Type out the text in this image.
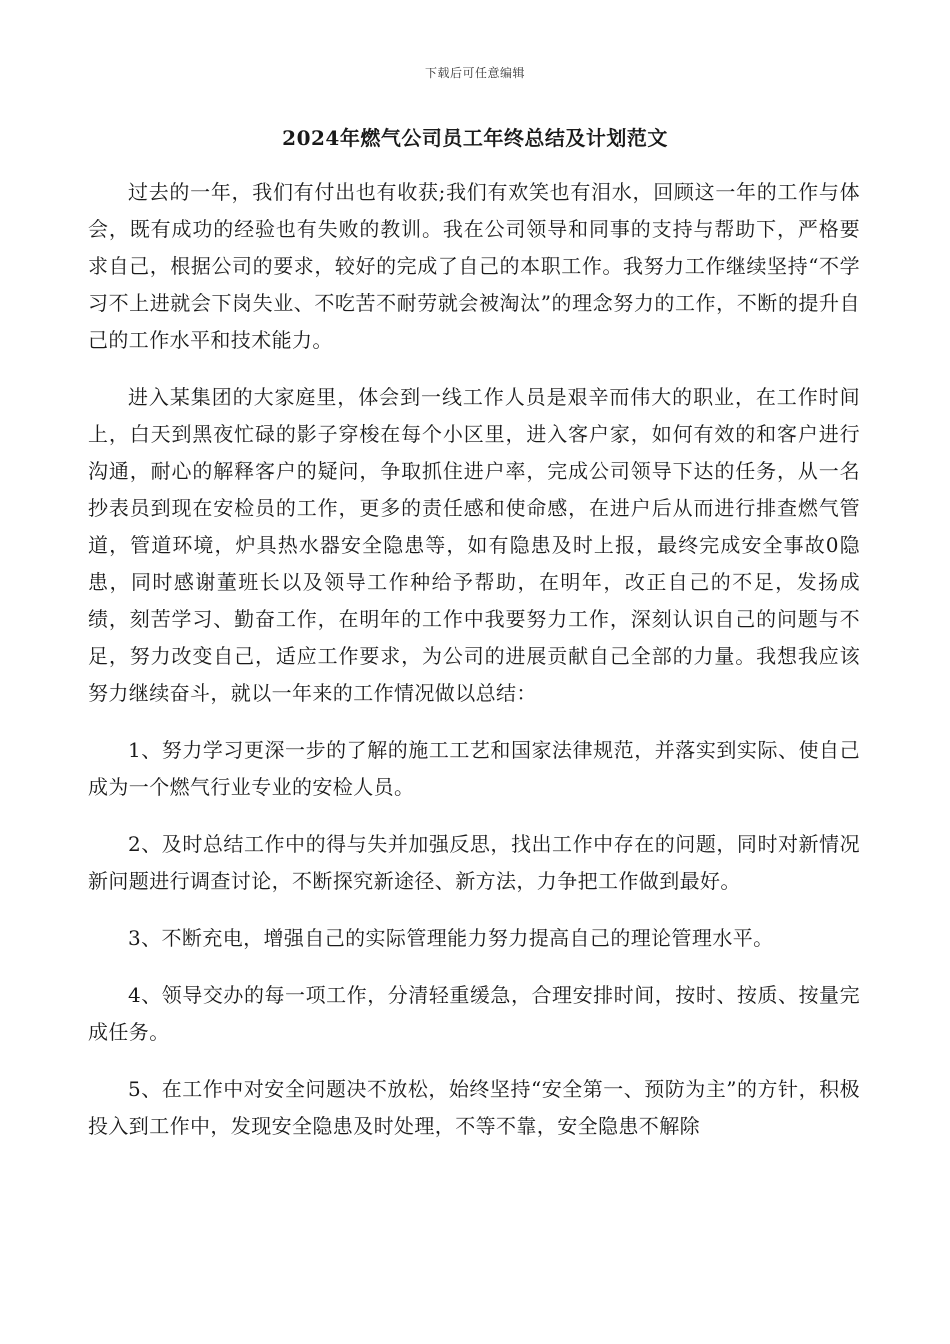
下载后可任意编辑
2024年燃气公司员工年终总结及计划范文

过去的一年，我们有付出也有收获;我们有欢笑也有泪水，回顾这一年的工作与体会，既有成功的经验也有失败的教训。我在公司领导和同事的支持与帮助下，严格要求自己，根据公司的要求，较好的完成了自己的本职工作。我努力工作继续坚持“不学习不上进就会下岗失业、不吃苦不耐劳就会被淘汰”的理念努力的工作，不断的提升自己的工作水平和技术能力。

进入某集团的大家庭里，体会到一线工作人员是艰辛而伟大的职业，在工作时间上，白天到黑夜忙碌的影子穿梭在每个小区里，进入客户家，如何有效的和客户进行沟通，耐心的解释客户的疑问，争取抓住进户率，完成公司领导下达的任务，从一名抄表员到现在安检员的工作，更多的责任感和使命感，在进户后从而进行排查燃气管道，管道环境，炉具热水器安全隐患等，如有隐患及时上报，最终完成安全事故0隐患，同时感谢董班长以及领导工作种给予帮助，在明年，改正自己的不足，发扬成绩，刻苦学习、勤奋工作，在明年的工作中我要努力工作，深刻认识自己的问题与不足，努力改变自己，适应工作要求，为公司的进展贡献自己全部的力量。我想我应该努力继续奋斗，就以一年来的工作情况做以总结：

1、努力学习更深一步的了解的施工工艺和国家法律规范，并落实到实际、使自己成为一个燃气行业专业的安检人员。

2、及时总结工作中的得与失并加强反思，找出工作中存在的问题，同时对新情况新问题进行调查讨论，不断探究新途径、新方法，力争把工作做到最好。

3、不断充电，增强自己的实际管理能力努力提高自己的理论管理水平。

4、领导交办的每一项工作，分清轻重缓急，合理安排时间，按时、按质、按量完成任务。

5、在工作中对安全问题决不放松，始终坚持“安全第一、预防为主”的方针，积极投入到工作中，发现安全隐患及时处理，不等不靠，安全隐患不解除
